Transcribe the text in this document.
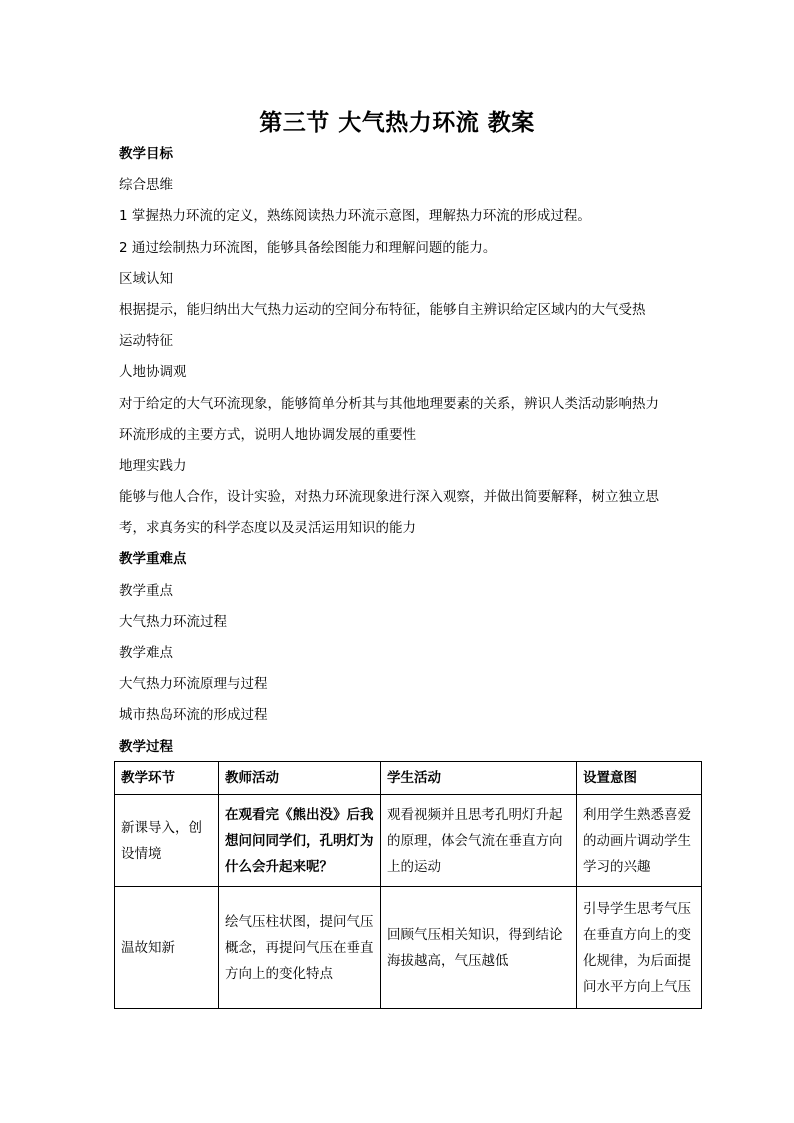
第三节 大气热力环流 教案
教学目标
综合思维
1 掌握热力环流的定义，熟练阅读热力环流示意图，理解热力环流的形成过程。
2 通过绘制热力环流图，能够具备绘图能力和理解问题的能力。
区域认知
根据提示，能归纳出大气热力运动的空间分布特征，能够自主辨识给定区域内的大气受热
运动特征
人地协调观
对于给定的大气环流现象，能够简单分析其与其他地理要素的关系，辨识人类活动影响热力
环流形成的主要方式，说明人地协调发展的重要性
地理实践力
能够与他人合作，设计实验，对热力环流现象进行深入观察，并做出简要解释，树立独立思
考，求真务实的科学态度以及灵活运用知识的能力
教学重难点
教学重点
大气热力环流过程
教学难点
大气热力环流原理与过程
城市热岛环流的形成过程
教学过程
教学环节	教师活动	学生活动	设置意图
新课导入，创设情境	在观看完《熊出没》后我想问问同学们，孔明灯为什么会升起来呢？	观看视频并且思考孔明灯升起的原理，体会气流在垂直方向上的运动	利用学生熟悉喜爱的动画片调动学生学习的兴趣
温故知新	绘气压柱状图，提问气压概念，再提问气压在垂直方向上的变化特点	回顾气压相关知识，得到结论海拔越高，气压越低	引导学生思考气压在垂直方向上的变化规律，为后面提问水平方向上气压
